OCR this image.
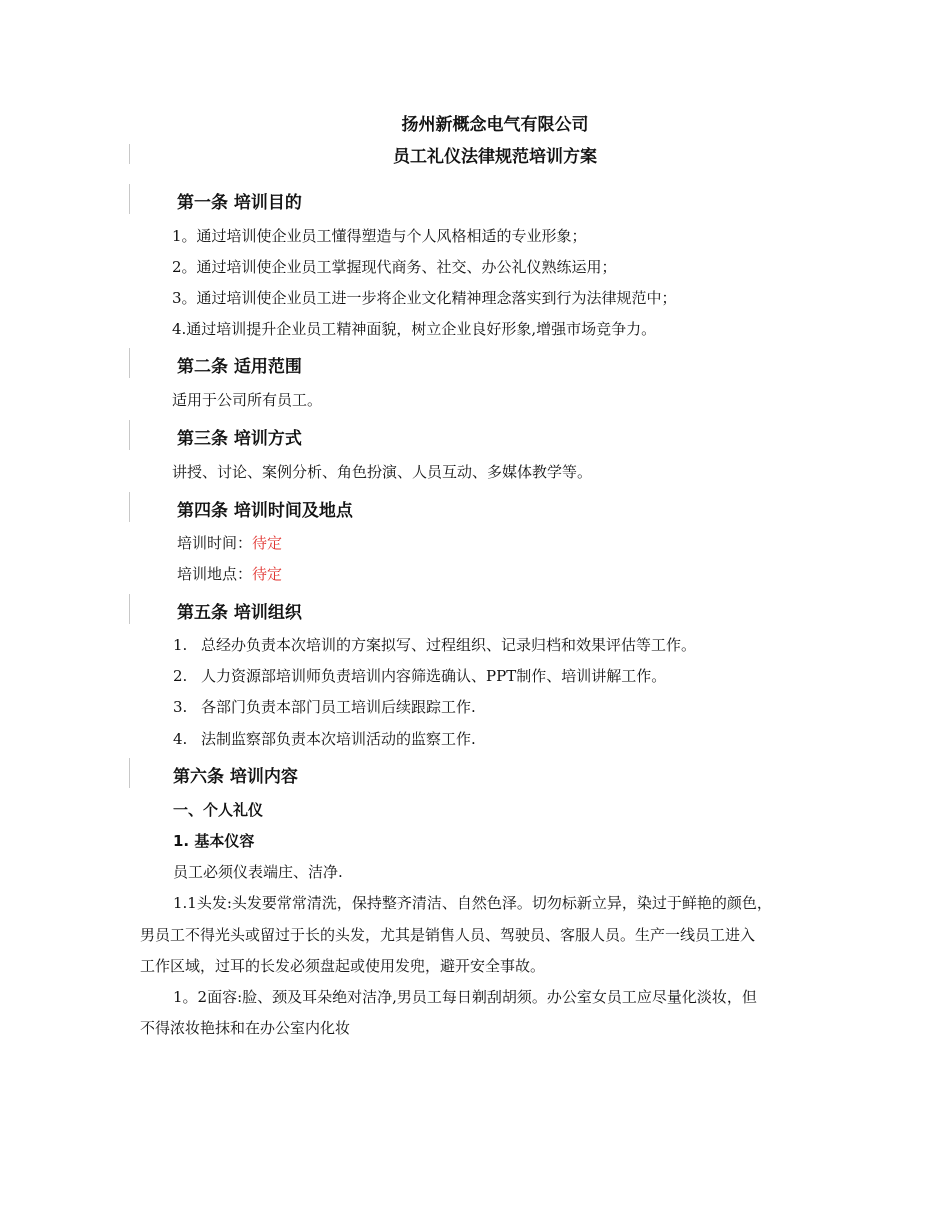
扬州新概念电气有限公司
员工礼仪法律规范培训方案
第一条 培训目的
1。通过培训使企业员工懂得塑造与个人风格相适的专业形象；
2。通过培训使企业员工掌握现代商务、社交、办公礼仪熟练运用；
3。通过培训使企业员工进一步将企业文化精神理念落实到行为法律规范中；
4.通过培训提升企业员工精神面貌，树立企业良好形象,增强市场竞争力。
第二条 适用范围
适用于公司所有员工。
第三条 培训方式
讲授、讨论、案例分析、角色扮演、人员互动、多媒体教学等。
第四条 培训时间及地点
培训时间：待定
培训地点：待定
第五条 培训组织
1. 总经办负责本次培训的方案拟写、过程组织、记录归档和效果评估等工作。
2. 人力资源部培训师负责培训内容筛选确认、PPT制作、培训讲解工作。
3. 各部门负责本部门员工培训后续跟踪工作.
4. 法制监察部负责本次培训活动的监察工作.
第六条 培训内容
一、个人礼仪
1. 基本仪容
员工必须仪表端庄、洁净.
1.1头发:头发要常常清洗，保持整齐清洁、自然色泽。切勿标新立异，染过于鲜艳的颜色，
男员工不得光头或留过于长的头发，尤其是销售人员、驾驶员、客服人员。生产一线员工进入
工作区域，过耳的长发必须盘起或使用发兜，避开安全事故。
1。2面容:脸、颈及耳朵绝对洁净,男员工每日剃刮胡须。办公室女员工应尽量化淡妆，但
不得浓妆艳抹和在办公室内化妆
